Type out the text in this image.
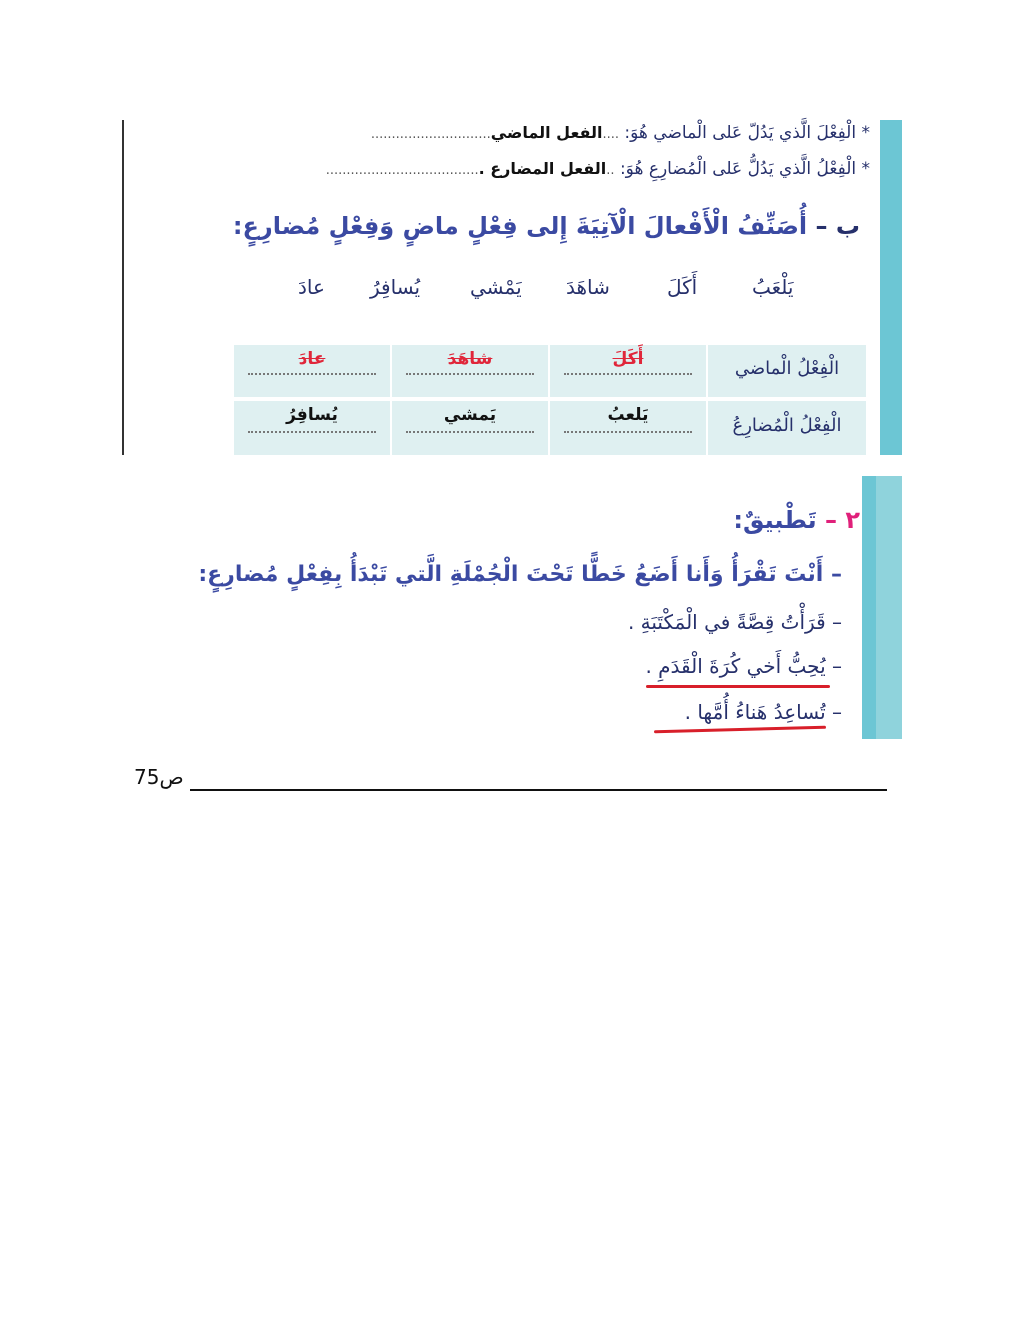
* الْفِعْلَ الَّذي يَدُلّ عَلى الْماضي هُوَ: ....الفعل الماضي.............................
* الْفِعْلُ الَّذي يَدُلُّ عَلى الْمُضارِعِ هُوَ: ..الفعل المضارع ......................................
ب – أُصَنِّفُ الْأَفْعالَ الْآتِيَةَ إِلى فِعْلٍ ماضٍ وَفِعْلٍ مُضارِعٍ:
يَلْعَبُ
أَكَلَ
شاهَدَ
يَمْشي
يُسافِرُ
عادَ
الْفِعْلُ الْماضي
أَكَلَ
شاهَدَ
عادَ
الْفِعْلُ الْمُضارِعُ
يَلعبُ
يَمشي
يُسافِرُ
٢ – تَطْبيقٌ:
– أَنْتَ تَقْرَأُ وَأَنا أَضَعُ خَطًّا تَحْتَ الْجُمْلَةِ الَّتي تَبْدَأُ بِفِعْلٍ مُضارِعٍ:
– قَرَأْتُ قِصَّةً في الْمَكْتَبَةِ .
– يُحِبُّ أَخي كُرَةَ الْقَدَمِ .
– تُساعِدُ هَناءُ أُمَّها .
ص75
